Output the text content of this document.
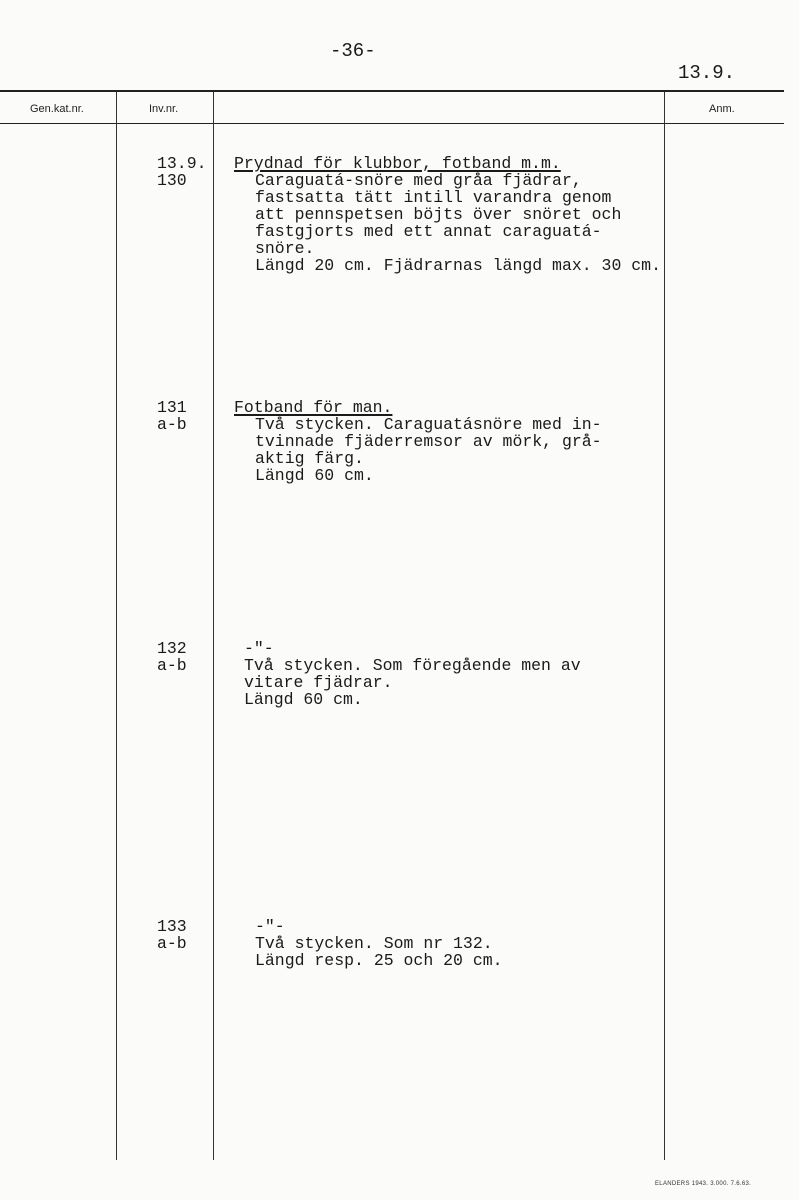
-36-
13.9.
Gen.kat.nr.	Inv.nr.	Anm.
13.9.
130
Prydnad för klubbor, fotband m.m.
Caraguatá-snöre med gråa fjädrar,
fastsatta tätt intill varandra genom
att pennspetsen böjts över snöret och
fastgjorts med ett annat caraguatá-
snöre.
Längd 20 cm. Fjädrarnas längd max. 30 cm.
131
a-b
Fotband för man.
Två stycken. Caraguatásnöre med in-
tvinnade fjäderremsor av mörk, grå-
aktig färg.
Längd 60 cm.
132
a-b
-"-
Två stycken. Som föregående men av
vitare fjädrar.
Längd 60 cm.
133
a-b
-"-
Två stycken. Som nr 132.
Längd resp. 25 och 20 cm.
ELANDERS 1943. 3.000. 7.6.63.
